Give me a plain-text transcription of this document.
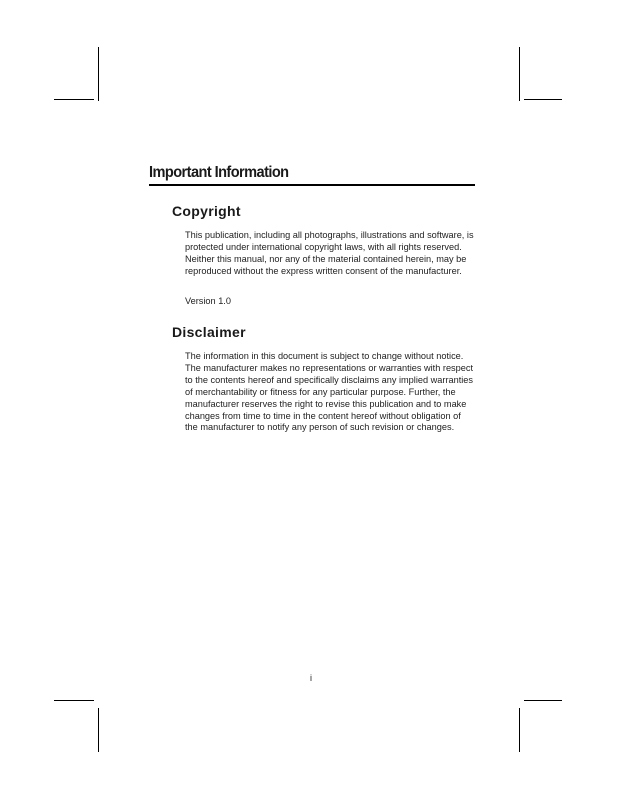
Important Information
Copyright

This publication, including all photographs, illustrations and software, is protected under international copyright laws, with all rights reserved. Neither this manual, nor any of the material contained herein, may be reproduced without the express written consent of the manufacturer.

Version 1.0

Disclaimer

The information in this document is subject to change without notice. The manufacturer makes no representations or warranties with respect to the contents hereof and specifically disclaims any implied warranties of merchantability or fitness for any particular purpose. Further, the manufacturer reserves the right to revise this publication and to make changes from time to time in the content hereof without obligation of the manufacturer to notify any person of such revision or changes.

i
